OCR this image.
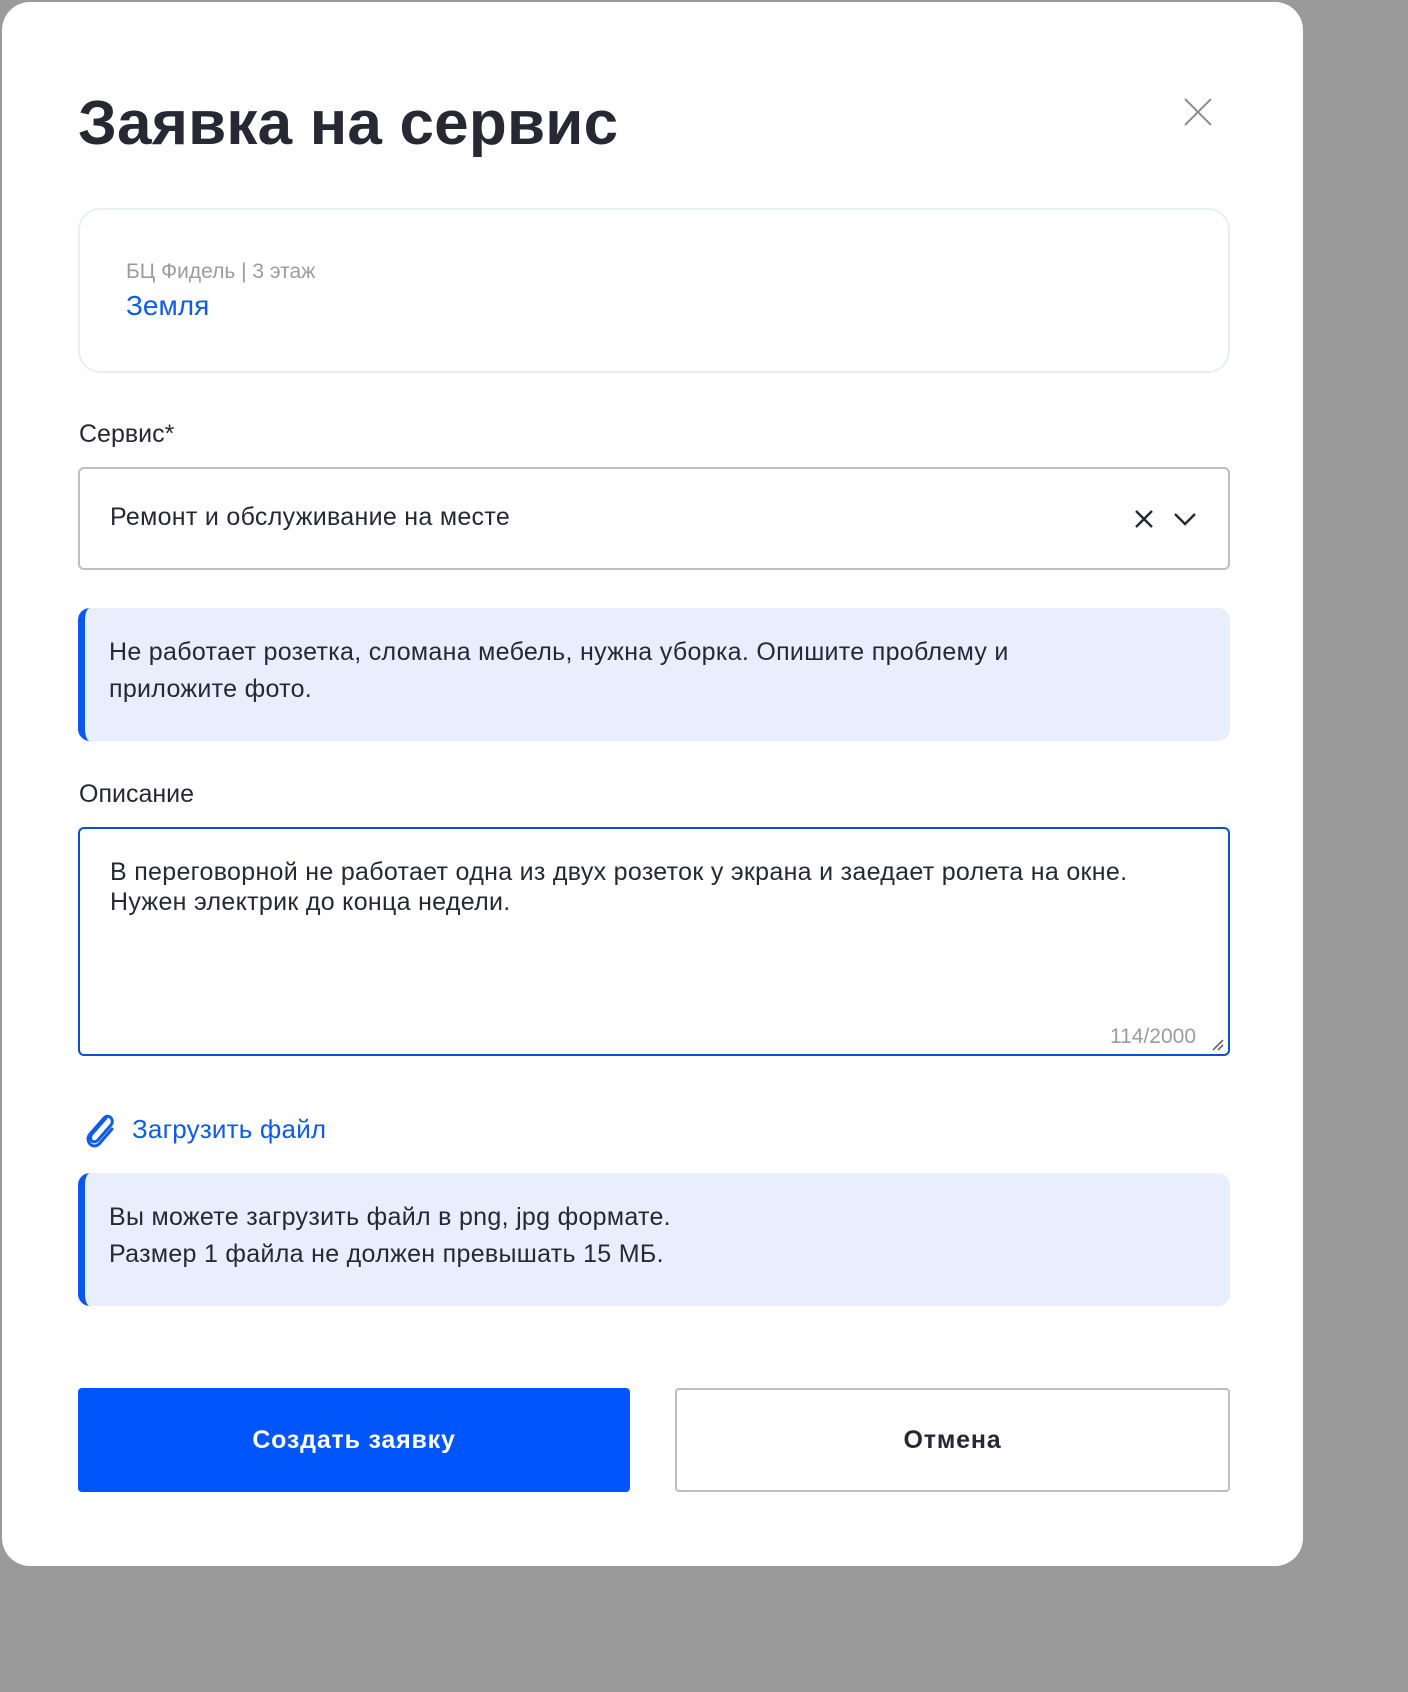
Заявка на сервис
БЦ Фидель | 3 этаж
Земля
Сервис*
Ремонт и обслуживание на месте
Не работает розетка, сломана мебель, нужна уборка. Опишите проблему и
приложите фото.
Описание
В переговорной не работает одна из двух розеток у экрана и заедает ролета на окне. Нужен электрик до конца недели.
114/2000
Загрузить файл
Вы можете загрузить файл в png, jpg формате.
Размер 1 файла не должен превышать 15 МБ.
Создать заявку	Отмена
